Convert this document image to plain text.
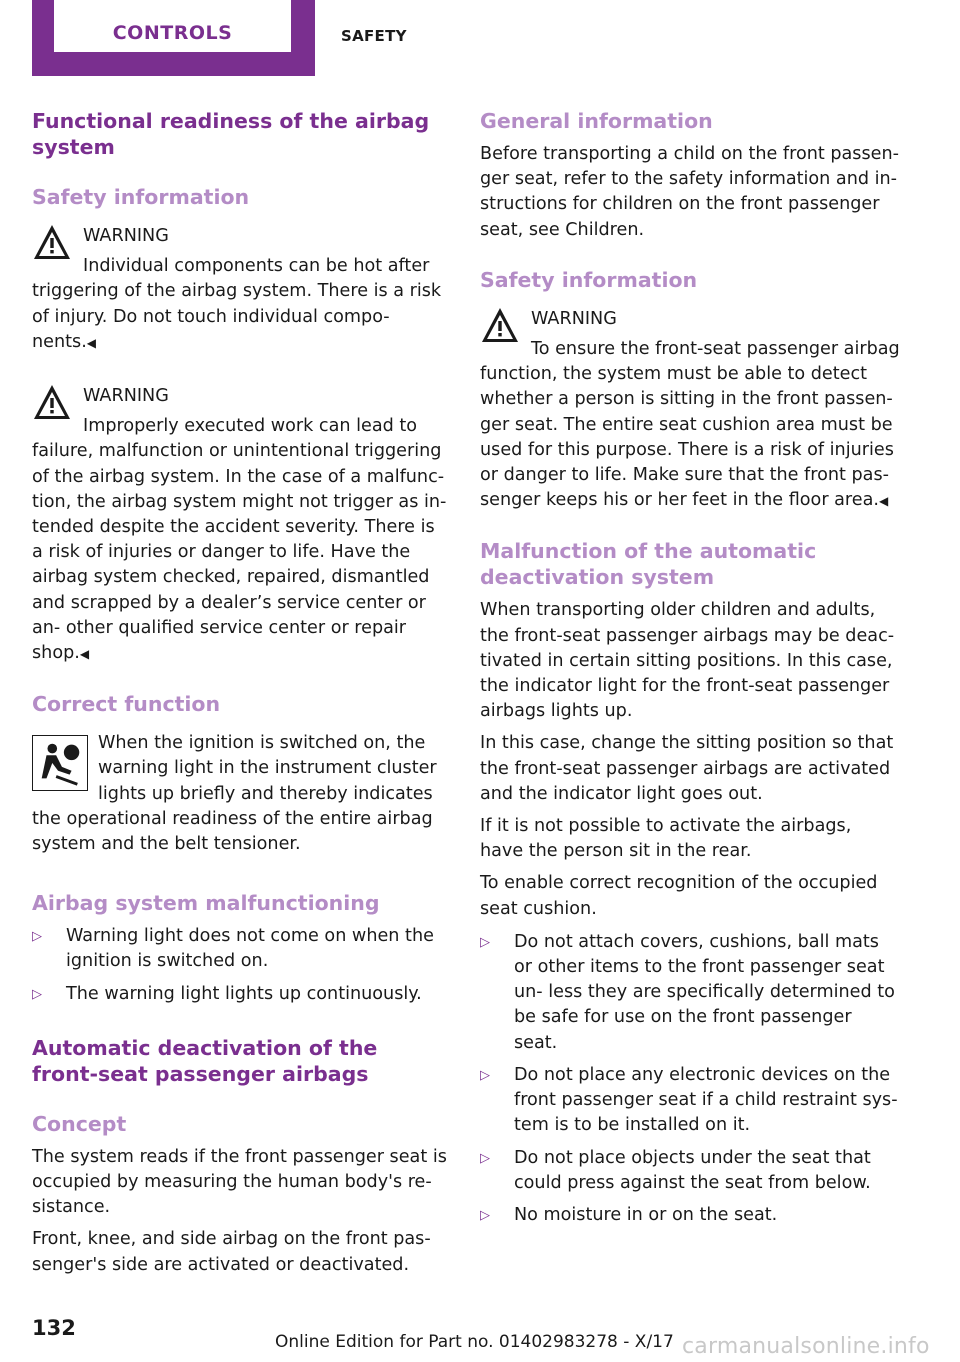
CONTROLS	SAFETY
Functional readiness of the airbag system
Safety information
WARNING
Individual components can be hot after triggering of the airbag system. There is a risk of injury. Do not touch individual compo- nents.◀
WARNING
Improperly executed work can lead to failure, malfunction or unintentional triggering of the airbag system. In the case of a malfunc- tion, the airbag system might not trigger as in- tended despite the accident severity. There is a risk of injuries or danger to life. Have the airbag system checked, repaired, dismantled and scrapped by a dealer’s service center or an- other qualified service center or repair shop.◀
Correct function

When the ignition is switched on, the warning light in the instrument cluster lights up briefly and thereby indicates the operational readiness of the entire airbag system and the belt tensioner.

Airbag system malfunctioning
▷ Warning light does not come on when the ignition is switched on.
▷ The warning light lights up continuously.
Automatic deactivation of the front-seat passenger airbags
Concept

The system reads if the front passenger seat is occupied by measuring the human body's re- sistance.

Front, knee, and side airbag on the front pas- senger's side are activated or deactivated.

General information

Before transporting a child on the front passen- ger seat, refer to the safety information and in- structions for children on the front passenger seat, see Children.

Safety information
WARNING
To ensure the front-seat passenger airbag function, the system must be able to detect whether a person is sitting in the front passen- ger seat. The entire seat cushion area must be used for this purpose. There is a risk of injuries or danger to life. Make sure that the front pas- senger keeps his or her feet in the floor area.◀
Malfunction of the automatic deactivation system

When transporting older children and adults, the front-seat passenger airbags may be deac- tivated in certain sitting positions. In this case, the indicator light for the front-seat passenger airbags lights up.

In this case, change the sitting position so that the front-seat passenger airbags are activated and the indicator light goes out.

If it is not possible to activate the airbags, have the person sit in the rear.

To enable correct recognition of the occupied seat cushion.

▷ Do not attach covers, cushions, ball mats or other items to the front passenger seat un- less they are specifically determined to be safe for use on the front passenger seat.
▷ Do not place any electronic devices on the front passenger seat if a child restraint sys- tem is to be installed on it.
▷ Do not place objects under the seat that could press against the seat from below.
▷ No moisture in or on the seat.
132
Online Edition for Part no. 01402983278 - X/17 carmanualsonline.info
